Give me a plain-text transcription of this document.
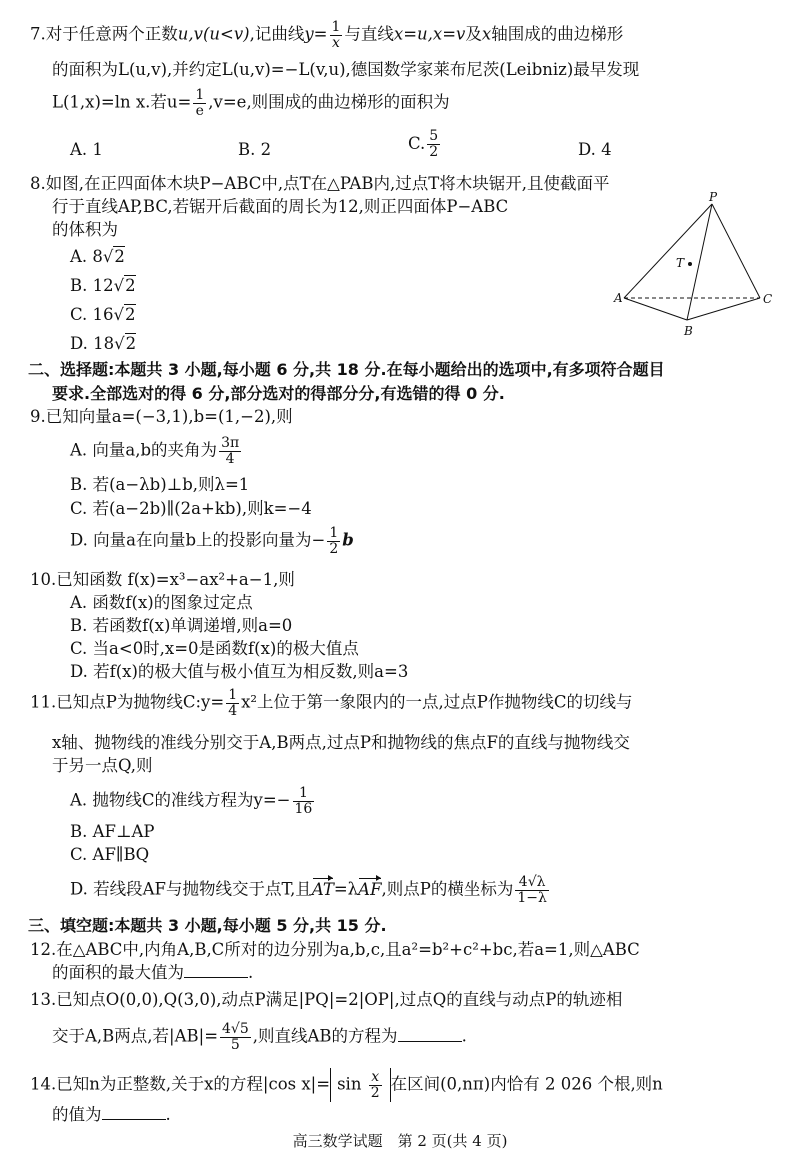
7.对于任意两个正数u,v(u<v),记曲线$y= \frac{1}{x}$ 与直线x=u,x=v及x轴围成的曲边梯形
的面积为L(u,v),并约定L(u,v)=−L(v,u),德国数学家莱布尼茨(Leibniz)最早发现
L(1,x)=ln x.若$u= \frac{1}{e} ,v=e$,则围成的曲边梯形的面积为
A. 1	B. 2	C. $\frac{5}{2}$	D. 4
8.如图,在正四面体木块P−ABC中,点T在△PAB内,过点T将木块锯开,且使截面平
行于直线AP,BC,若锯开后截面的周长为12,则正四面体P−ABC
的体积为
A. 8√2
B. 12√2
C. 16√2
D. 18√2
P
T
A
B
C
二、选择题:本题共 3 小题,每小题 6 分,共 18 分.在每小题给出的选项中,有多项符合题目
要求.全部选对的得 6 分,部分选对的得部分分,有选错的得 0 分.
9.已知向量a=(−3,1),b=(1,−2),则
A. 向量a,b的夹角为 $\frac{3\pi}{4}$
B. 若(a−λb)⊥b,则λ=1
C. 若(a−2b)∥(2a+kb),则k=−4
D. 向量a在向量b上的投影向量为− $\frac{1}{2}$ b
10.已知函数 f(x)=x³−ax²+a−1,则
A. 函数f(x)的图象过定点
B. 若函数f(x)单调递增,则a=0
C. 当a<0时,x=0是函数f(x)的极大值点
D. 若f(x)的极大值与极小值互为相反数,则a=3
11.已知点P为抛物线C:y= $\frac{1}{4} x^2$上位于第一象限内的一点,过点P作抛物线C的切线与
x轴、抛物线的准线分别交于A,B两点,过点P和抛物线的焦点F的直线与抛物线交
于另一点Q,则
A. 抛物线C的准线方程为$y=- \frac{1}{16}$
B. AF⊥AP
C. AF∥BQ
D. 若线段AF与抛物线交于点T,且AT=λAF,则点P的横坐标为 $\frac{4√\lambda}{1-\lambda}$
三、填空题:本题共 3 小题,每小题 5 分,共 15 分.
12.在△ABC中,内角A,B,C所对的边分别为a,b,c,且a²=b²+c²+bc,若a=1,则△ABC
的面积的最大值为	.
13.已知点O(0,0),Q(3,0),动点P满足|PQ|=2|OP|,过点Q的直线与动点P的轨迹相
交于A,B两点,若$|AB|= \frac{4√5}{5}$ ,则直线AB的方程为	.
14.已知n为正整数,关于x的方程|cos $x|= \sin \frac{x}{2}$ 在区间(0,nπ)内恰有 2 026 个根,则n
的值为	.
高三数学试题　第 2 页(共 4 页)
